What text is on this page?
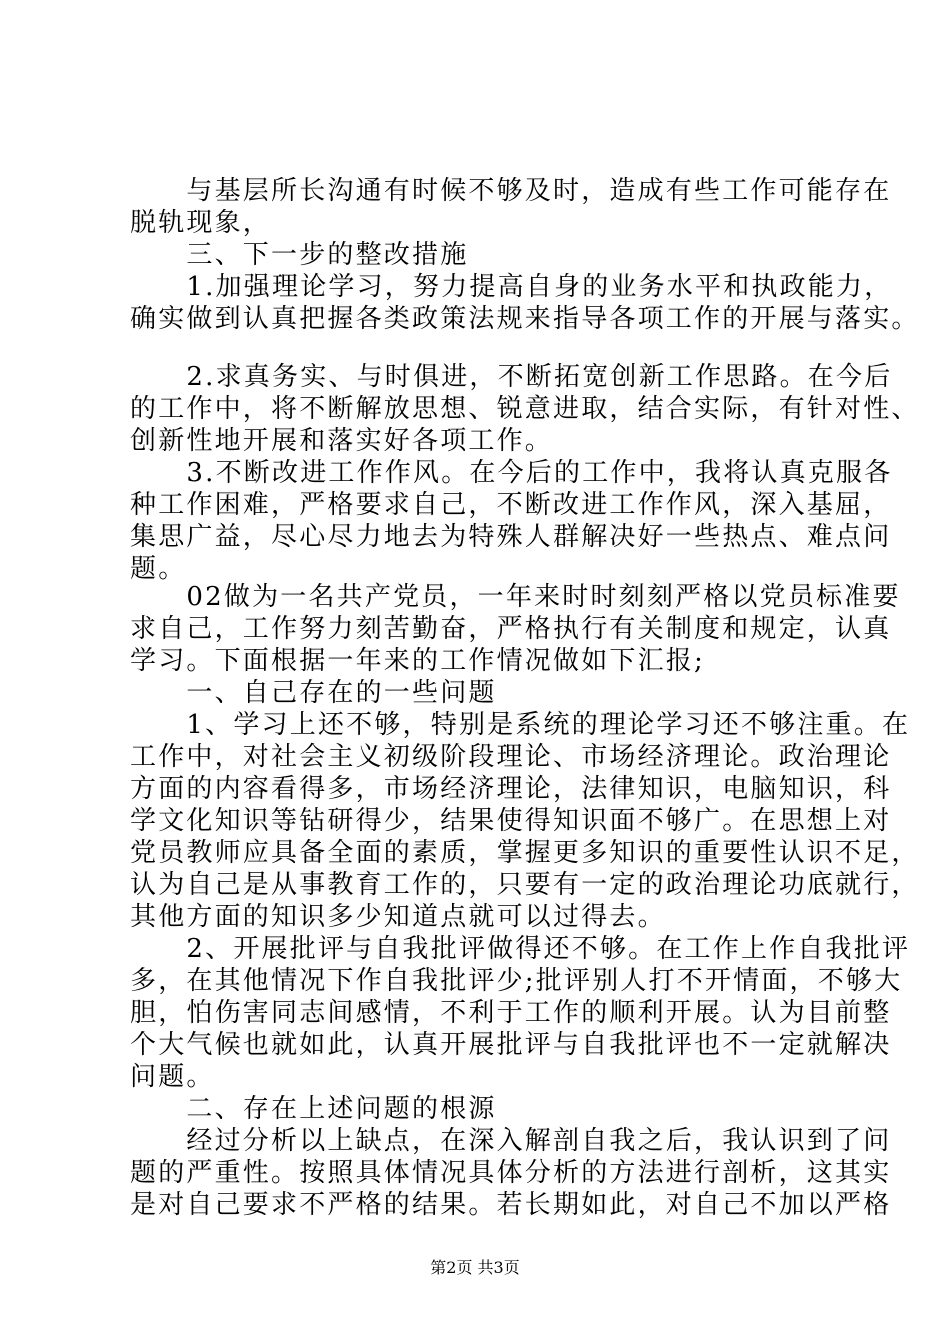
　　与基层所长沟通有时候不够及时，造成有些工作可能存在
脱轨现象，
　　三、下一步的整改措施
　　1.加强理论学习，努力提高自身的业务水平和执政能力，
确实做到认真把握各类政策法规来指导各项工作的开展与落实。
　　2.求真务实、与时俱进，不断拓宽创新工作思路。在今后
的工作中，将不断解放思想、锐意进取，结合实际，有针对性、
创新性地开展和落实好各项工作。
　　3.不断改进工作作风。在今后的工作中，我将认真克服各
种工作困难，严格要求自己，不断改进工作作风，深入基屈，
集思广益，尽心尽力地去为特殊人群解决好一些热点、难点问
题。
　　02做为一名共产党员，一年来时时刻刻严格以党员标准要
求自己，工作努力刻苦勤奋，严格执行有关制度和规定，认真
学习。下面根据一年来的工作情况做如下汇报;
　　一、自己存在的一些问题
　　1、学习上还不够，特别是系统的理论学习还不够注重。在
工作中，对社会主义初级阶段理论、市场经济理论。政治理论
方面的内容看得多，市场经济理论，法律知识，电脑知识，科
学文化知识等钻研得少，结果使得知识面不够广。在思想上对
党员教师应具备全面的素质，掌握更多知识的重要性认识不足，
认为自己是从事教育工作的，只要有一定的政治理论功底就行，
其他方面的知识多少知道点就可以过得去。
　　2、开展批评与自我批评做得还不够。在工作上作自我批评
多，在其他情况下作自我批评少;批评别人打不开情面，不够大
胆，怕伤害同志间感情，不利于工作的顺利开展。认为目前整
个大气候也就如此，认真开展批评与自我批评也不一定就解决
问题。
　　二、存在上述问题的根源
　　经过分析以上缺点，在深入解剖自我之后，我认识到了问
题的严重性。按照具体情况具体分析的方法进行剖析，这其实
是对自己要求不严格的结果。若长期如此，对自己不加以严格
第2页 共3页
